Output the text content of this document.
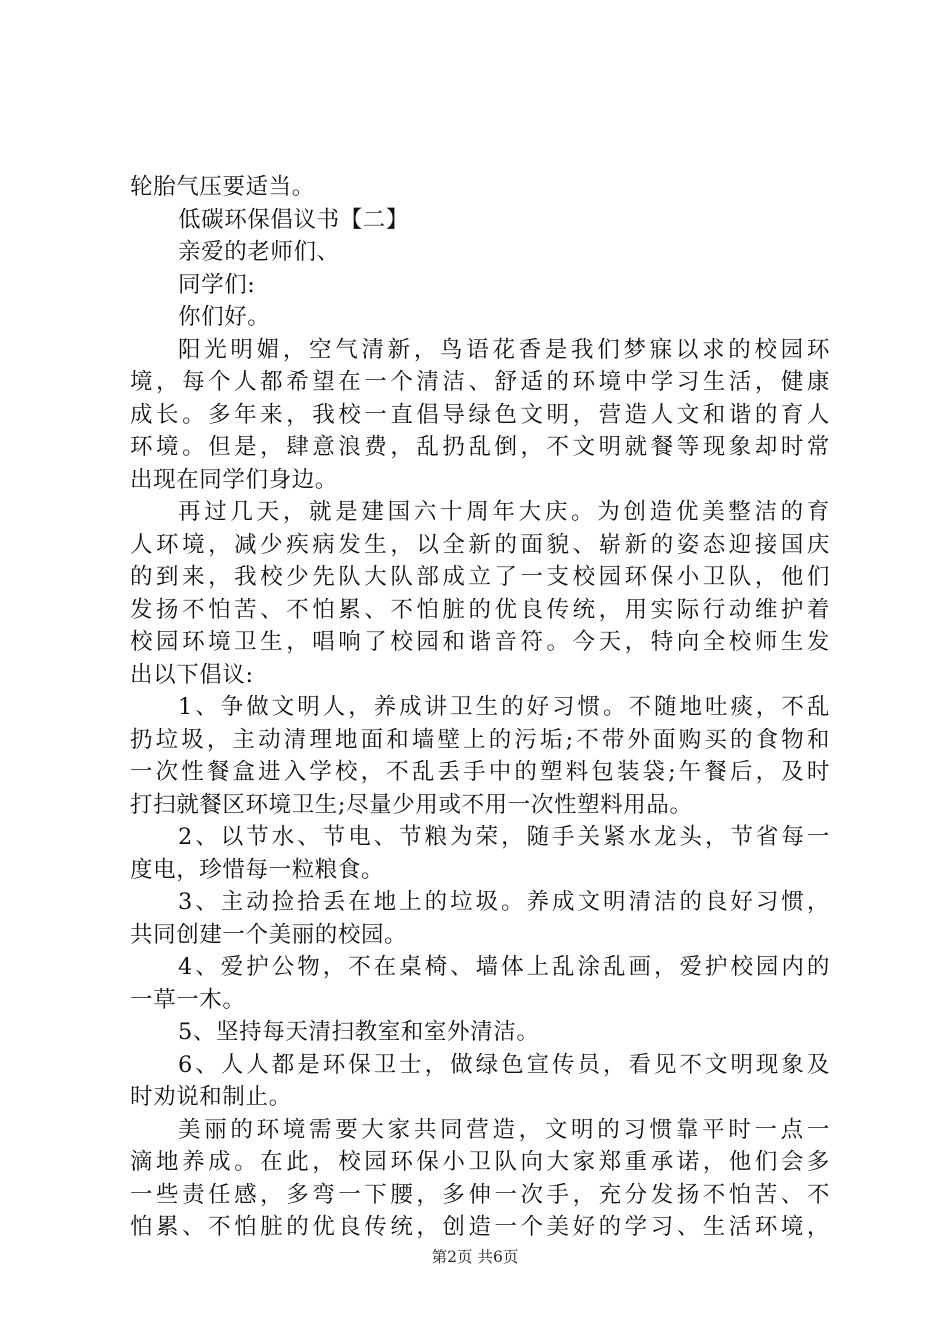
轮胎气压要适当。
低碳环保倡议书【二】
亲爱的老师们、
同学们:
你们好。
阳光明媚，空气清新，鸟语花香是我们梦寐以求的校园环
境，每个人都希望在一个清洁、舒适的环境中学习生活，健康
成长。多年来，我校一直倡导绿色文明，营造人文和谐的育人
环境。但是，肆意浪费，乱扔乱倒，不文明就餐等现象却时常
出现在同学们身边。
再过几天，就是建国六十周年大庆。为创造优美整洁的育
人环境，减少疾病发生，以全新的面貌、崭新的姿态迎接国庆
的到来，我校少先队大队部成立了一支校园环保小卫队，他们
发扬不怕苦、不怕累、不怕脏的优良传统，用实际行动维护着
校园环境卫生，唱响了校园和谐音符。今天，特向全校师生发
出以下倡议:
1、争做文明人，养成讲卫生的好习惯。不随地吐痰，不乱
扔垃圾，主动清理地面和墙壁上的污垢;不带外面购买的食物和
一次性餐盒进入学校，不乱丢手中的塑料包装袋;午餐后，及时
打扫就餐区环境卫生;尽量少用或不用一次性塑料用品。
2、以节水、节电、节粮为荣，随手关紧水龙头，节省每一
度电，珍惜每一粒粮食。
3、主动捡拾丢在地上的垃圾。养成文明清洁的良好习惯，
共同创建一个美丽的校园。
4、爱护公物，不在桌椅、墙体上乱涂乱画，爱护校园内的
一草一木。
5、坚持每天清扫教室和室外清洁。
6、人人都是环保卫士，做绿色宣传员，看见不文明现象及
时劝说和制止。
美丽的环境需要大家共同营造，文明的习惯靠平时一点一
滴地养成。在此，校园环保小卫队向大家郑重承诺，他们会多
一些责任感，多弯一下腰，多伸一次手，充分发扬不怕苦、不
怕累、不怕脏的优良传统，创造一个美好的学习、生活环境，
第2页 共6页
